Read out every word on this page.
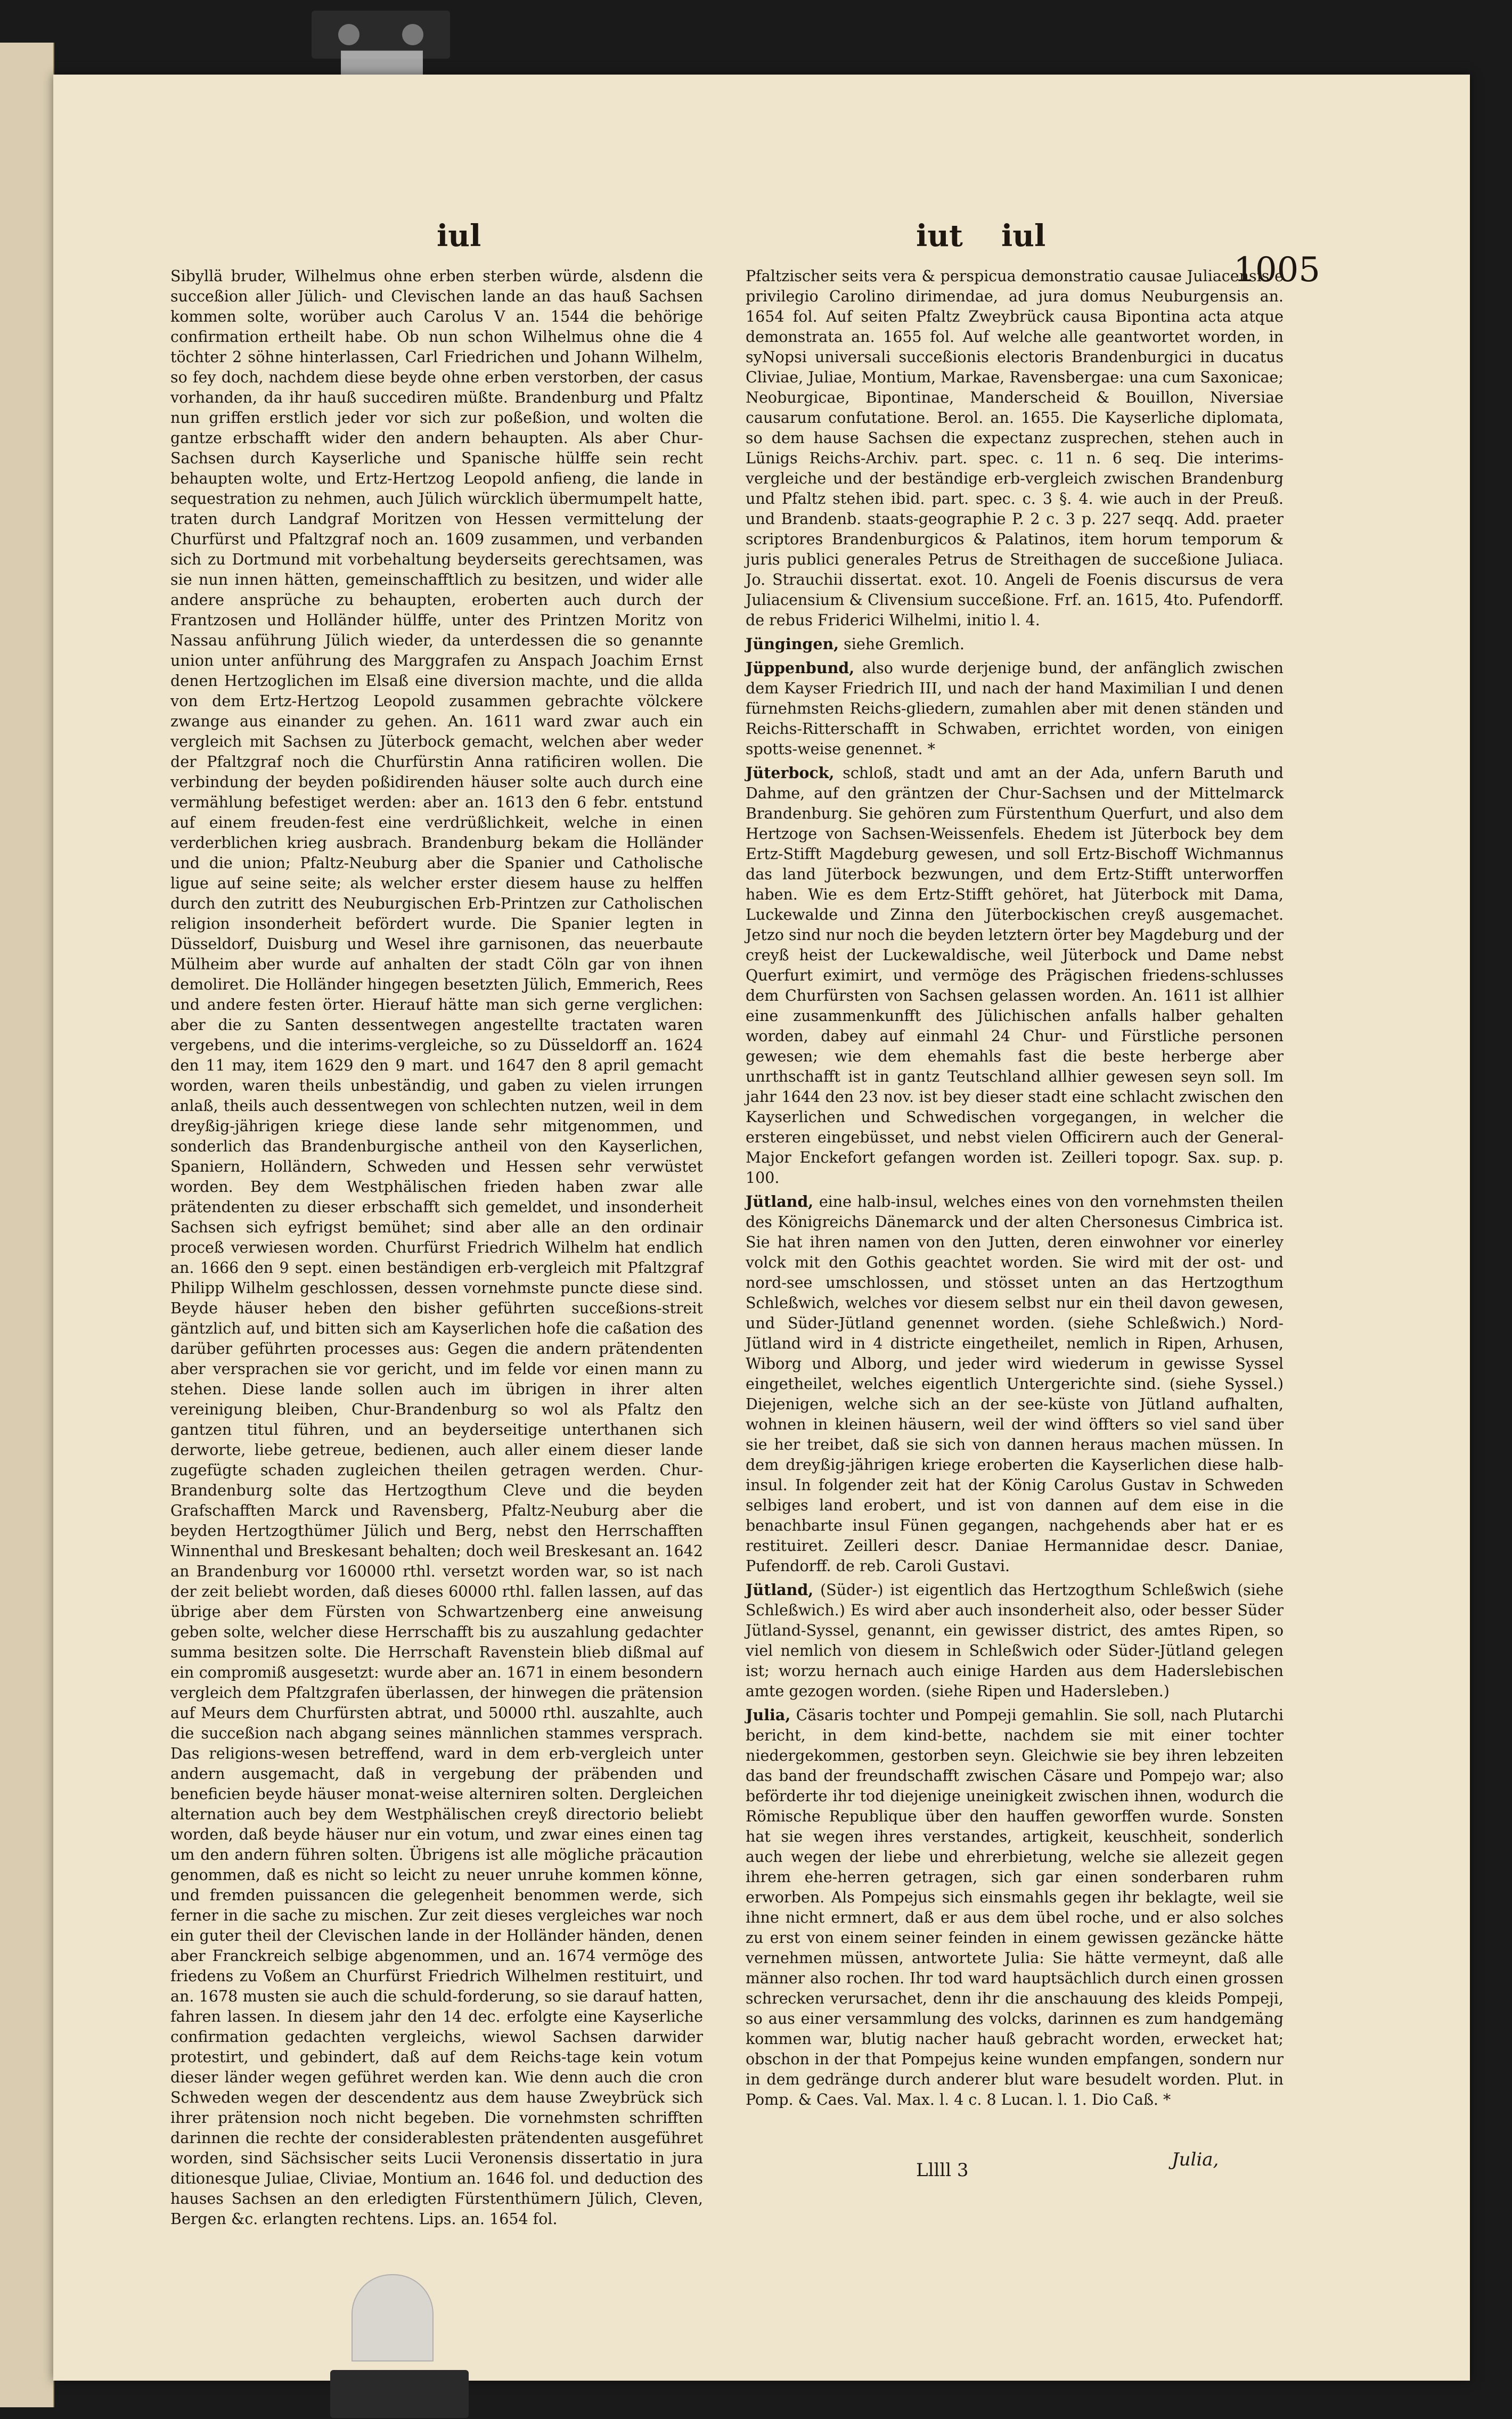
iul	iut iul
1005

Sibyllä bruder, Wilhelmus ohne erben sterben würde, alsdenn die succeßion aller Jülich- und Clevischen lande an das hauß Sachsen kommen solte, worüber auch Carolus V an. 1544 die behörige confirmation ertheilt habe. Ob nun schon Wilhelmus ohne die 4 töchter 2 söhne hinterlassen, Carl Friedrichen und Johann Wilhelm, so fey doch, nachdem diese beyde ohne erben verstorben, der casus vorhanden, da ihr hauß succediren müßte. Brandenburg und Pfaltz nun griffen erstlich jeder vor sich zur poßeßion, und wolten die gantze erbschafft wider den andern behaupten. Als aber Chur-Sachsen durch Kayserliche und Spanische hülffe sein recht behaupten wolte, und Ertz-Hertzog Leopold anfieng, die lande in sequestration zu nehmen, auch Jülich würcklich übermumpelt hatte, traten durch Landgraf Moritzen von Hessen vermittelung der Churfürst und Pfaltzgraf noch an. 1609 zusammen, und verbanden sich zu Dortmund mit vorbehaltung beyderseits gerechtsamen, was sie nun innen hätten, gemeinschafftlich zu besitzen, und wider alle andere ansprüche zu behaupten, eroberten auch durch der Frantzosen und Holländer hülffe, unter des Printzen Moritz von Nassau anführung Jülich wieder, da unterdessen die so genannte union unter anführung des Marggrafen zu Anspach Joachim Ernst denen Hertzoglichen im Elsaß eine diversion machte, und die allda von dem Ertz-Hertzog Leopold zusammen gebrachte völckere zwange aus einander zu gehen. An. 1611 ward zwar auch ein vergleich mit Sachsen zu Jüterbock gemacht, welchen aber weder der Pfaltzgraf noch die Churfürstin Anna ratificiren wollen. Die verbindung der beyden poßidirenden häuser solte auch durch eine vermählung befestiget werden: aber an. 1613 den 6 febr. entstund auf einem freuden-fest eine verdrüßlichkeit, welche in einen verderblichen krieg ausbrach. Brandenburg bekam die Holländer und die union; Pfaltz-Neuburg aber die Spanier und Catholische ligue auf seine seite; als welcher erster diesem hause zu helffen durch den zutritt des Neuburgischen Erb-Printzen zur Catholischen religion insonderheit befördert wurde. Die Spanier legten in Düsseldorf, Duisburg und Wesel ihre garnisonen, das neuerbaute Mülheim aber wurde auf anhalten der stadt Cöln gar von ihnen demoliret. Die Holländer hingegen besetzten Jülich, Emmerich, Rees und andere festen örter. Hierauf hätte man sich gerne verglichen: aber die zu Santen dessentwegen angestellte tractaten waren vergebens, und die interims-vergleiche, so zu Düsseldorff an. 1624 den 11 may, item 1629 den 9 mart. und 1647 den 8 april gemacht worden, waren theils unbeständig, und gaben zu vielen irrungen anlaß, theils auch dessentwegen von schlechten nutzen, weil in dem dreyßig-jährigen kriege diese lande sehr mitgenommen, und sonderlich das Brandenburgische antheil von den Kayserlichen, Spaniern, Holländern, Schweden und Hessen sehr verwüstet worden. Bey dem Westphälischen frieden haben zwar alle prätendenten zu dieser erbschafft sich gemeldet, und insonderheit Sachsen sich eyfrigst bemühet; sind aber alle an den ordinair proceß verwiesen worden. Churfürst Friedrich Wilhelm hat endlich an. 1666 den 9 sept. einen beständigen erb-vergleich mit Pfaltzgraf Philipp Wilhelm geschlossen, dessen vornehmste puncte diese sind. Beyde häuser heben den bisher geführten succeßions-streit gäntzlich auf, und bitten sich am Kayserlichen hofe die caßation des darüber geführten processes aus: Gegen die andern prätendenten aber versprachen sie vor gericht, und im felde vor einen mann zu stehen. Diese lande sollen auch im übrigen in ihrer alten vereinigung bleiben, Chur-Brandenburg so wol als Pfaltz den gantzen titul führen, und an beyderseitige unterthanen sich derworte, liebe getreue, bedienen, auch aller einem dieser lande zugefügte schaden zugleichen theilen getragen werden. Chur-Brandenburg solte das Hertzogthum Cleve und die beyden Grafschafften Marck und Ravensberg, Pfaltz-Neuburg aber die beyden Hertzogthümer Jülich und Berg, nebst den Herrschafften Winnenthal und Breskesant behalten; doch weil Breskesant an. 1642 an Brandenburg vor 160000 rthl. versetzt worden war, so ist nach der zeit beliebt worden, daß dieses 60000 rthl. fallen lassen, auf das übrige aber dem Fürsten von Schwartzenberg eine anweisung geben solte, welcher diese Herrschafft bis zu auszahlung gedachter summa besitzen solte. Die Herrschaft Ravenstein blieb dißmal auf ein compromiß ausgesetzt: wurde aber an. 1671 in einem besondern vergleich dem Pfaltzgrafen überlassen, der hinwegen die prätension auf Meurs dem Churfürsten abtrat, und 50000 rthl. auszahlte, auch die succeßion nach abgang seines männlichen stammes versprach. Das religions-wesen betreffend, ward in dem erb-vergleich unter andern ausgemacht, daß in vergebung der präbenden und beneficien beyde häuser monat-weise alterniren solten. Dergleichen alternation auch bey dem Westphälischen creyß directorio beliebt worden, daß beyde häuser nur ein votum, und zwar eines einen tag um den andern führen solten. Übrigens ist alle mögliche präcaution genommen, daß es nicht so leicht zu neuer unruhe kommen könne, und fremden puissancen die gelegenheit benommen werde, sich ferner in die sache zu mischen. Zur zeit dieses vergleiches war noch ein guter theil der Clevischen lande in der Holländer händen, denen aber Franckreich selbige abgenommen, und an. 1674 vermöge des friedens zu Voßem an Churfürst Friedrich Wilhelmen restituirt, und an. 1678 musten sie auch die schuld-forderung, so sie darauf hatten, fahren lassen. In diesem jahr den 14 dec. erfolgte eine Kayserliche confirmation gedachten vergleichs, wiewol Sachsen darwider protestirt, und gebindert, daß auf dem Reichs-tage kein votum dieser länder wegen geführet werden kan. Wie denn auch die cron Schweden wegen der descendentz aus dem hause Zweybrück sich ihrer prätension noch nicht begeben. Die vornehmsten schrifften darinnen die rechte der considerablesten prätendenten ausgeführet worden, sind Sächsischer seits Lucii Veronensis dissertatio in jura ditionesque Juliae, Cliviae, Montium an. 1646 fol. und deduction des hauses Sachsen an den erledigten Fürstenthümern Jülich, Cleven, Bergen &c. erlangten rechtens. Lips. an. 1654 fol.

Pfaltzischer seits vera & perspicua demonstratio causae Juliacensis e privilegio Carolino dirimendae, ad jura domus Neuburgensis an. 1654 fol. Auf seiten Pfaltz Zweybrück causa Bipontina acta atque demonstrata an. 1655 fol. Auf welche alle geantwortet worden, in syNopsi universali succeßionis electoris Brandenburgici in ducatus Cliviae, Juliae, Montium, Markae, Ravensbergae: una cum Saxonicae; Neoburgicae, Bipontinae, Manderscheid & Bouillon, Niversiae causarum confutatione. Berol. an. 1655. Die Kayserliche diplomata, so dem hause Sachsen die expectanz zusprechen, stehen auch in Lünigs Reichs-Archiv. part. spec. c. 11 n. 6 seq. Die interims-vergleiche und der beständige erb-vergleich zwischen Brandenburg und Pfaltz stehen ibid. part. spec. c. 3 §. 4. wie auch in der Preuß. und Brandenb. staats-geographie P. 2 c. 3 p. 227 seqq. Add. praeter scriptores Brandenburgicos & Palatinos, item horum temporum & juris publici generales Petrus de Streithagen de succeßione Juliaca. Jo. Strauchii dissertat. exot. 10. Angeli de Foenis discursus de vera Juliacensium & Clivensium succeßione. Frf. an. 1615, 4to. Pufendorff. de rebus Friderici Wilhelmi, initio l. 4.

Jüngingen, siehe Gremlich.

Jüppenbund, also wurde derjenige bund, der anfänglich zwischen dem Kayser Friedrich III, und nach der hand Maximilian I und denen fürnehmsten Reichs-gliedern, zumahlen aber mit denen ständen und Reichs-Ritterschafft in Schwaben, errichtet worden, von einigen spotts-weise genennet. *

Jüterbock, schloß, stadt und amt an der Ada, unfern Baruth und Dahme, auf den gräntzen der Chur-Sachsen und der Mittelmarck Brandenburg. Sie gehören zum Fürstenthum Querfurt, und also dem Hertzoge von Sachsen-Weissenfels. Ehedem ist Jüterbock bey dem Ertz-Stifft Magdeburg gewesen, und soll Ertz-Bischoff Wichmannus das land Jüterbock bezwungen, und dem Ertz-Stifft unterworffen haben. Wie es dem Ertz-Stifft gehöret, hat Jüterbock mit Dama, Luckewalde und Zinna den Jüterbockischen creyß ausgemachet. Jetzo sind nur noch die beyden letztern örter bey Magdeburg und der creyß heist der Luckewaldische, weil Jüterbock und Dame nebst Querfurt eximirt, und vermöge des Prägischen friedens-schlusses dem Churfürsten von Sachsen gelassen worden. An. 1611 ist allhier eine zusammenkunfft des Jülichischen anfalls halber gehalten worden, dabey auf einmahl 24 Chur- und Fürstliche personen gewesen; wie dem ehemahls fast die beste herberge aber unrthschafft ist in gantz Teutschland allhier gewesen seyn soll. Im jahr 1644 den 23 nov. ist bey dieser stadt eine schlacht zwischen den Kayserlichen und Schwedischen vorgegangen, in welcher die ersteren eingebüsset, und nebst vielen Officirern auch der General-Major Enckefort gefangen worden ist. Zeilleri topogr. Sax. sup. p. 100.

Jütland, eine halb-insul, welches eines von den vornehmsten theilen des Königreichs Dänemarck und der alten Chersonesus Cimbrica ist. Sie hat ihren namen von den Jutten, deren einwohner vor einerley volck mit den Gothis geachtet worden. Sie wird mit der ost- und nord-see umschlossen, und stösset unten an das Hertzogthum Schleßwich, welches vor diesem selbst nur ein theil davon gewesen, und Süder-Jütland genennet worden. (siehe Schleßwich.) Nord-Jütland wird in 4 districte eingetheilet, nemlich in Ripen, Arhusen, Wiborg und Alborg, und jeder wird wiederum in gewisse Syssel eingetheilet, welches eigentlich Untergerichte sind. (siehe Syssel.) Diejenigen, welche sich an der see-küste von Jütland aufhalten, wohnen in kleinen häusern, weil der wind öffters so viel sand über sie her treibet, daß sie sich von dannen heraus machen müssen. In dem dreyßig-jährigen kriege eroberten die Kayserlichen diese halb-insul. In folgender zeit hat der König Carolus Gustav in Schweden selbiges land erobert, und ist von dannen auf dem eise in die benachbarte insul Fünen gegangen, nachgehends aber hat er es restituiret. Zeilleri descr. Daniae Hermannidae descr. Daniae, Pufendorff. de reb. Caroli Gustavi.

Jütland, (Süder-) ist eigentlich das Hertzogthum Schleßwich (siehe Schleßwich.) Es wird aber auch insonderheit also, oder besser Süder Jütland-Syssel, genannt, ein gewisser district, des amtes Ripen, so viel nemlich von diesem in Schleßwich oder Süder-Jütland gelegen ist; worzu hernach auch einige Harden aus dem Haderslebischen amte gezogen worden. (siehe Ripen und Hadersleben.)

Julia, Cäsaris tochter und Pompeji gemahlin. Sie soll, nach Plutarchi bericht, in dem kind-bette, nachdem sie mit einer tochter niedergekommen, gestorben seyn. Gleichwie sie bey ihren lebzeiten das band der freundschafft zwischen Cäsare und Pompejo war; also beförderte ihr tod diejenige uneinigkeit zwischen ihnen, wodurch die Römische Republique über den hauffen geworffen wurde. Sonsten hat sie wegen ihres verstandes, artigkeit, keuschheit, sonderlich auch wegen der liebe und ehrerbietung, welche sie allezeit gegen ihrem ehe-herren getragen, sich gar einen sonderbaren ruhm erworben. Als Pompejus sich einsmahls gegen ihr beklagte, weil sie ihne nicht ermnert, daß er aus dem übel roche, und er also solches zu erst von einem seiner feinden in einem gewissen gezäncke hätte vernehmen müssen, antwortete Julia: Sie hätte vermeynt, daß alle männer also rochen. Ihr tod ward hauptsächlich durch einen grossen schrecken verursachet, denn ihr die anschauung des kleids Pompeji, so aus einer versammlung des volcks, darinnen es zum handgemäng kommen war, blutig nacher hauß gebracht worden, erwecket hat; obschon in der that Pompejus keine wunden empfangen, sondern nur in dem gedränge durch anderer blut ware besudelt worden. Plut. in Pomp. & Caes. Val. Max. l. 4 c. 8 Lucan. l. 1. Dio Caß. *

Lllll 3	Julia,
